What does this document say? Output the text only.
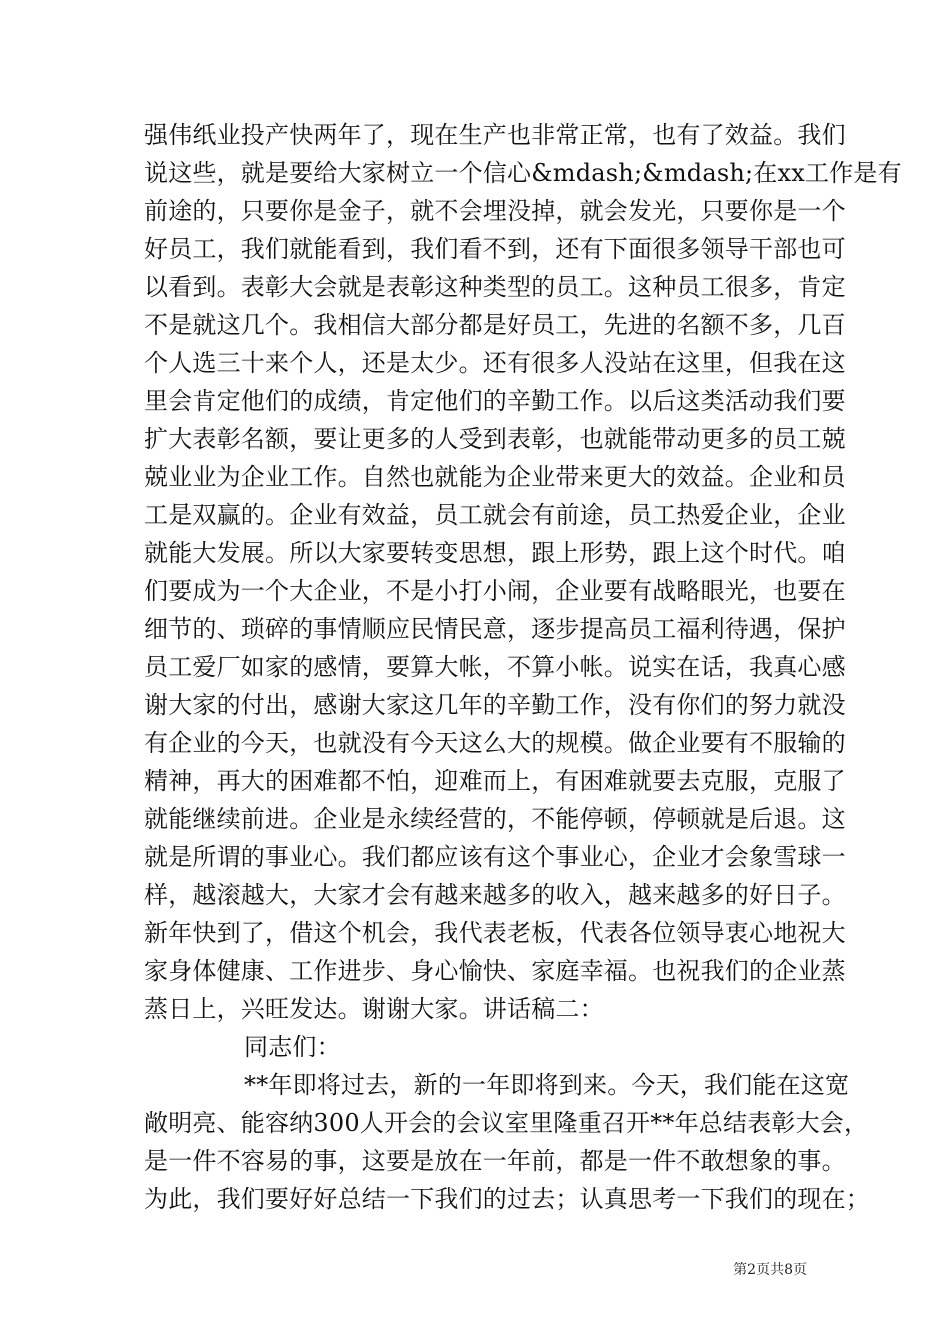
强伟纸业投产快两年了，现在生产也非常正常，也有了效益。我们
说这些，就是要给大家树立一个信心&mdash;&mdash;在xx工作是有
前途的，只要你是金子，就不会埋没掉，就会发光，只要你是一个
好员工，我们就能看到，我们看不到，还有下面很多领导干部也可
以看到。表彰大会就是表彰这种类型的员工。这种员工很多，肯定
不是就这几个。我相信大部分都是好员工，先进的名额不多，几百
个人选三十来个人，还是太少。还有很多人没站在这里，但我在这
里会肯定他们的成绩，肯定他们的辛勤工作。以后这类活动我们要
扩大表彰名额，要让更多的人受到表彰，也就能带动更多的员工兢
兢业业为企业工作。自然也就能为企业带来更大的效益。企业和员
工是双赢的。企业有效益，员工就会有前途，员工热爱企业，企业
就能大发展。所以大家要转变思想，跟上形势，跟上这个时代。咱
们要成为一个大企业，不是小打小闹，企业要有战略眼光，也要在
细节的、琐碎的事情顺应民情民意，逐步提高员工福利待遇，保护
员工爱厂如家的感情，要算大帐，不算小帐。说实在话，我真心感
谢大家的付出，感谢大家这几年的辛勤工作，没有你们的努力就没
有企业的今天，也就没有今天这么大的规模。做企业要有不服输的
精神，再大的困难都不怕，迎难而上，有困难就要去克服，克服了
就能继续前进。企业是永续经营的，不能停顿，停顿就是后退。这
就是所谓的事业心。我们都应该有这个事业心，企业才会象雪球一
样，越滚越大，大家才会有越来越多的收入，越来越多的好日子。
新年快到了，借这个机会，我代表老板，代表各位领导衷心地祝大
家身体健康、工作进步、身心愉快、家庭幸福。也祝我们的企业蒸
蒸日上，兴旺发达。谢谢大家。讲话稿二：
同志们：
**年即将过去，新的一年即将到来。今天，我们能在这宽
敞明亮、能容纳300人开会的会议室里隆重召开**年总结表彰大会，
是一件不容易的事，这要是放在一年前，都是一件不敢想象的事。
为此，我们要好好总结一下我们的过去；认真思考一下我们的现在；
第2页共8页
